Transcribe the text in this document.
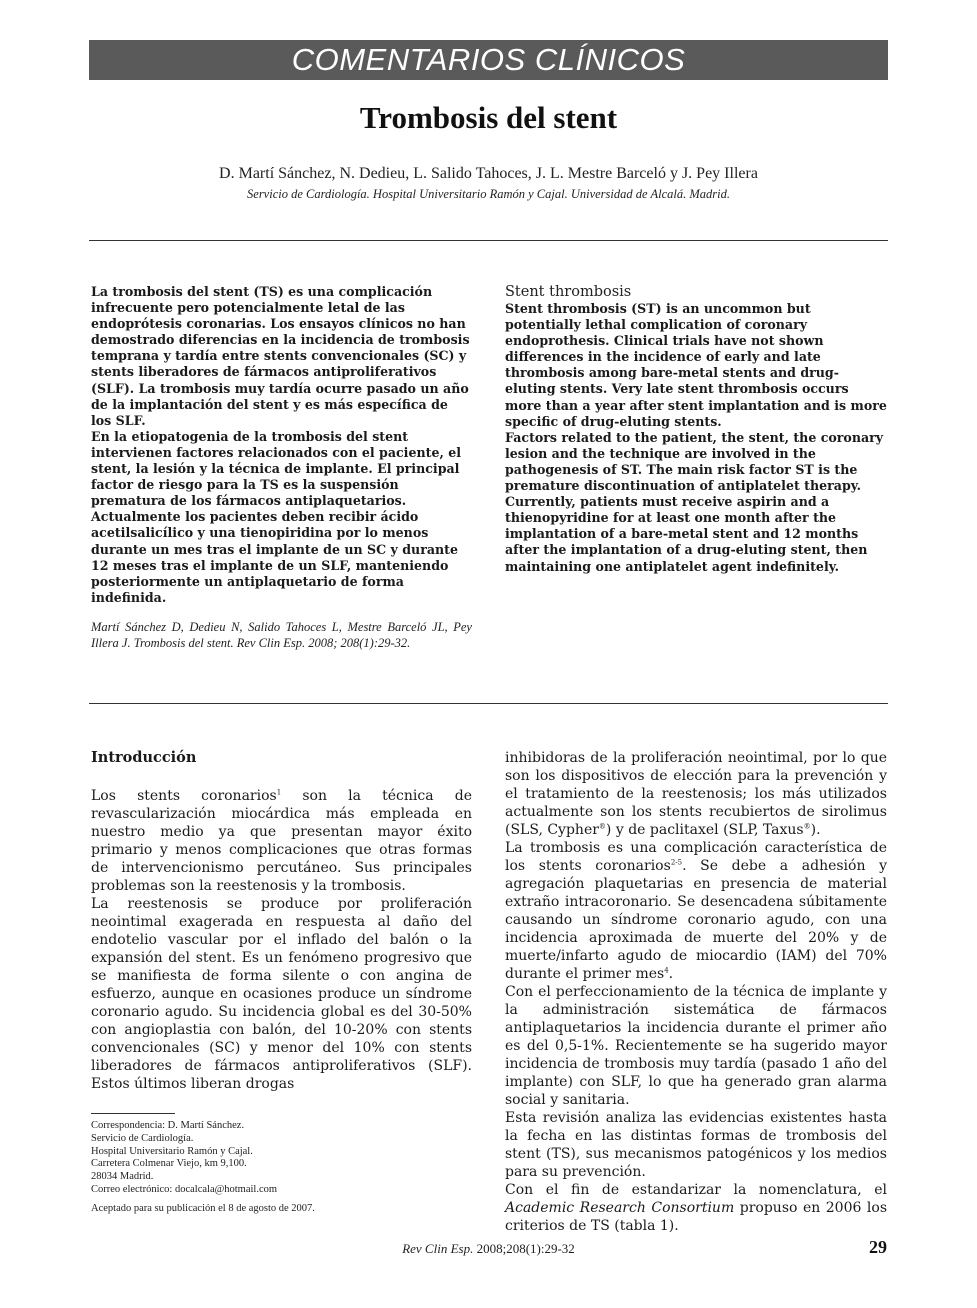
COMENTARIOS CLÍNICOS
Trombosis del stent
D. Martí Sánchez, N. Dedieu, L. Salido Tahoces, J. L. Mestre Barceló y J. Pey Illera
Servicio de Cardiología. Hospital Universitario Ramón y Cajal. Universidad de Alcalá. Madrid.

La trombosis del stent (TS) es una complicación infrecuente pero potencialmente letal de las endoprótesis coronarias. Los ensayos clínicos no han demostrado diferencias en la incidencia de trombosis temprana y tardía entre stents convencionales (SC) y stents liberadores de fármacos antiproliferativos (SLF). La trombosis muy tardía ocurre pasado un año de la implantación del stent y es más específica de los SLF.

En la etiopatogenia de la trombosis del stent intervienen factores relacionados con el paciente, el stent, la lesión y la técnica de implante. El principal factor de riesgo para la TS es la suspensión prematura de los fármacos antiplaquetarios. Actualmente los pacientes deben recibir ácido acetilsalicílico y una tienopiridina por lo menos durante un mes tras el implante de un SC y durante 12 meses tras el implante de un SLF, manteniendo posteriormente un antiplaquetario de forma indefinida.

Martí Sánchez D, Dedieu N, Salido Tahoces L, Mestre Barceló JL, Pey Illera J. Trombosis del stent. Rev Clin Esp. 2008; 208(1):29-32.
Stent thrombosis

Stent thrombosis (ST) is an uncommon but potentially lethal complication of coronary endoprothesis. Clinical trials have not shown differences in the incidence of early and late thrombosis among bare-metal stents and drug-eluting stents. Very late stent thrombosis occurs more than a year after stent implantation and is more specific of drug-eluting stents.

Factors related to the patient, the stent, the coronary lesion and the technique are involved in the pathogenesis of ST. The main risk factor ST is the premature discontinuation of antiplatelet therapy. Currently, patients must receive aspirin and a thienopyridine for at least one month after the implantation of a bare-metal stent and 12 months after the implantation of a drug-eluting stent, then maintaining one antiplatelet agent indefinitely.

Introducción

Los stents coronarios$^1$ son la técnica de revascularización miocárdica más empleada en nuestro medio ya que presentan mayor éxito primario y menos complicaciones que otras formas de intervencionismo percutáneo. Sus principales problemas son la reestenosis y la trombosis.

La reestenosis se produce por proliferación neointimal exagerada en respuesta al daño del endotelio vascular por el inflado del balón o la expansión del stent. Es un fenómeno progresivo que se manifiesta de forma silente o con angina de esfuerzo, aunque en ocasiones produce un síndrome coronario agudo. Su incidencia global es del 30-50% con angioplastia con balón, del 10-20% con stents convencionales (SC) y menor del 10% con stents liberadores de fármacos antiproliferativos (SLF). Estos últimos liberan drogas

inhibidoras de la proliferación neointimal, por lo que son los dispositivos de elección para la prevención y el tratamiento de la reestenosis; los más utilizados actualmente son los stents recubiertos de sirolimus (SLS, Cypher®) y de paclitaxel (SLP, Taxus®).

La trombosis es una complicación característica de los stents coronarios$^{2-5}$. Se debe a adhesión y agregación plaquetarias en presencia de material extraño intracoronario. Se desencadena súbitamente causando un síndrome coronario agudo, con una incidencia aproximada de muerte del 20% y de muerte/infarto agudo de miocardio (IAM) del 70% durante el primer mes$^4$.

Con el perfeccionamiento de la técnica de implante y la administración sistemática de fármacos antiplaquetarios la incidencia durante el primer año es del 0,5-1%. Recientemente se ha sugerido mayor incidencia de trombosis muy tardía (pasado 1 año del implante) con SLF, lo que ha generado gran alarma social y sanitaria.

Esta revisión analiza las evidencias existentes hasta la fecha en las distintas formas de trombosis del stent (TS), sus mecanismos patogénicos y los medios para su prevención.

Con el fin de estandarizar la nomenclatura, el Academic Research Consortium propuso en 2006 los criterios de TS (tabla 1).

Correspondencia: D. Martí Sánchez.
Servicio de Cardiología.
Hospital Universitario Ramón y Cajal.
Carretera Colmenar Viejo, km 9,100.
28034 Madrid.
Correo electrónico: docalcala@hotmail.com
Aceptado para su publicación el 8 de agosto de 2007.
Rev Clin Esp. 2008;208(1):29-32	29
